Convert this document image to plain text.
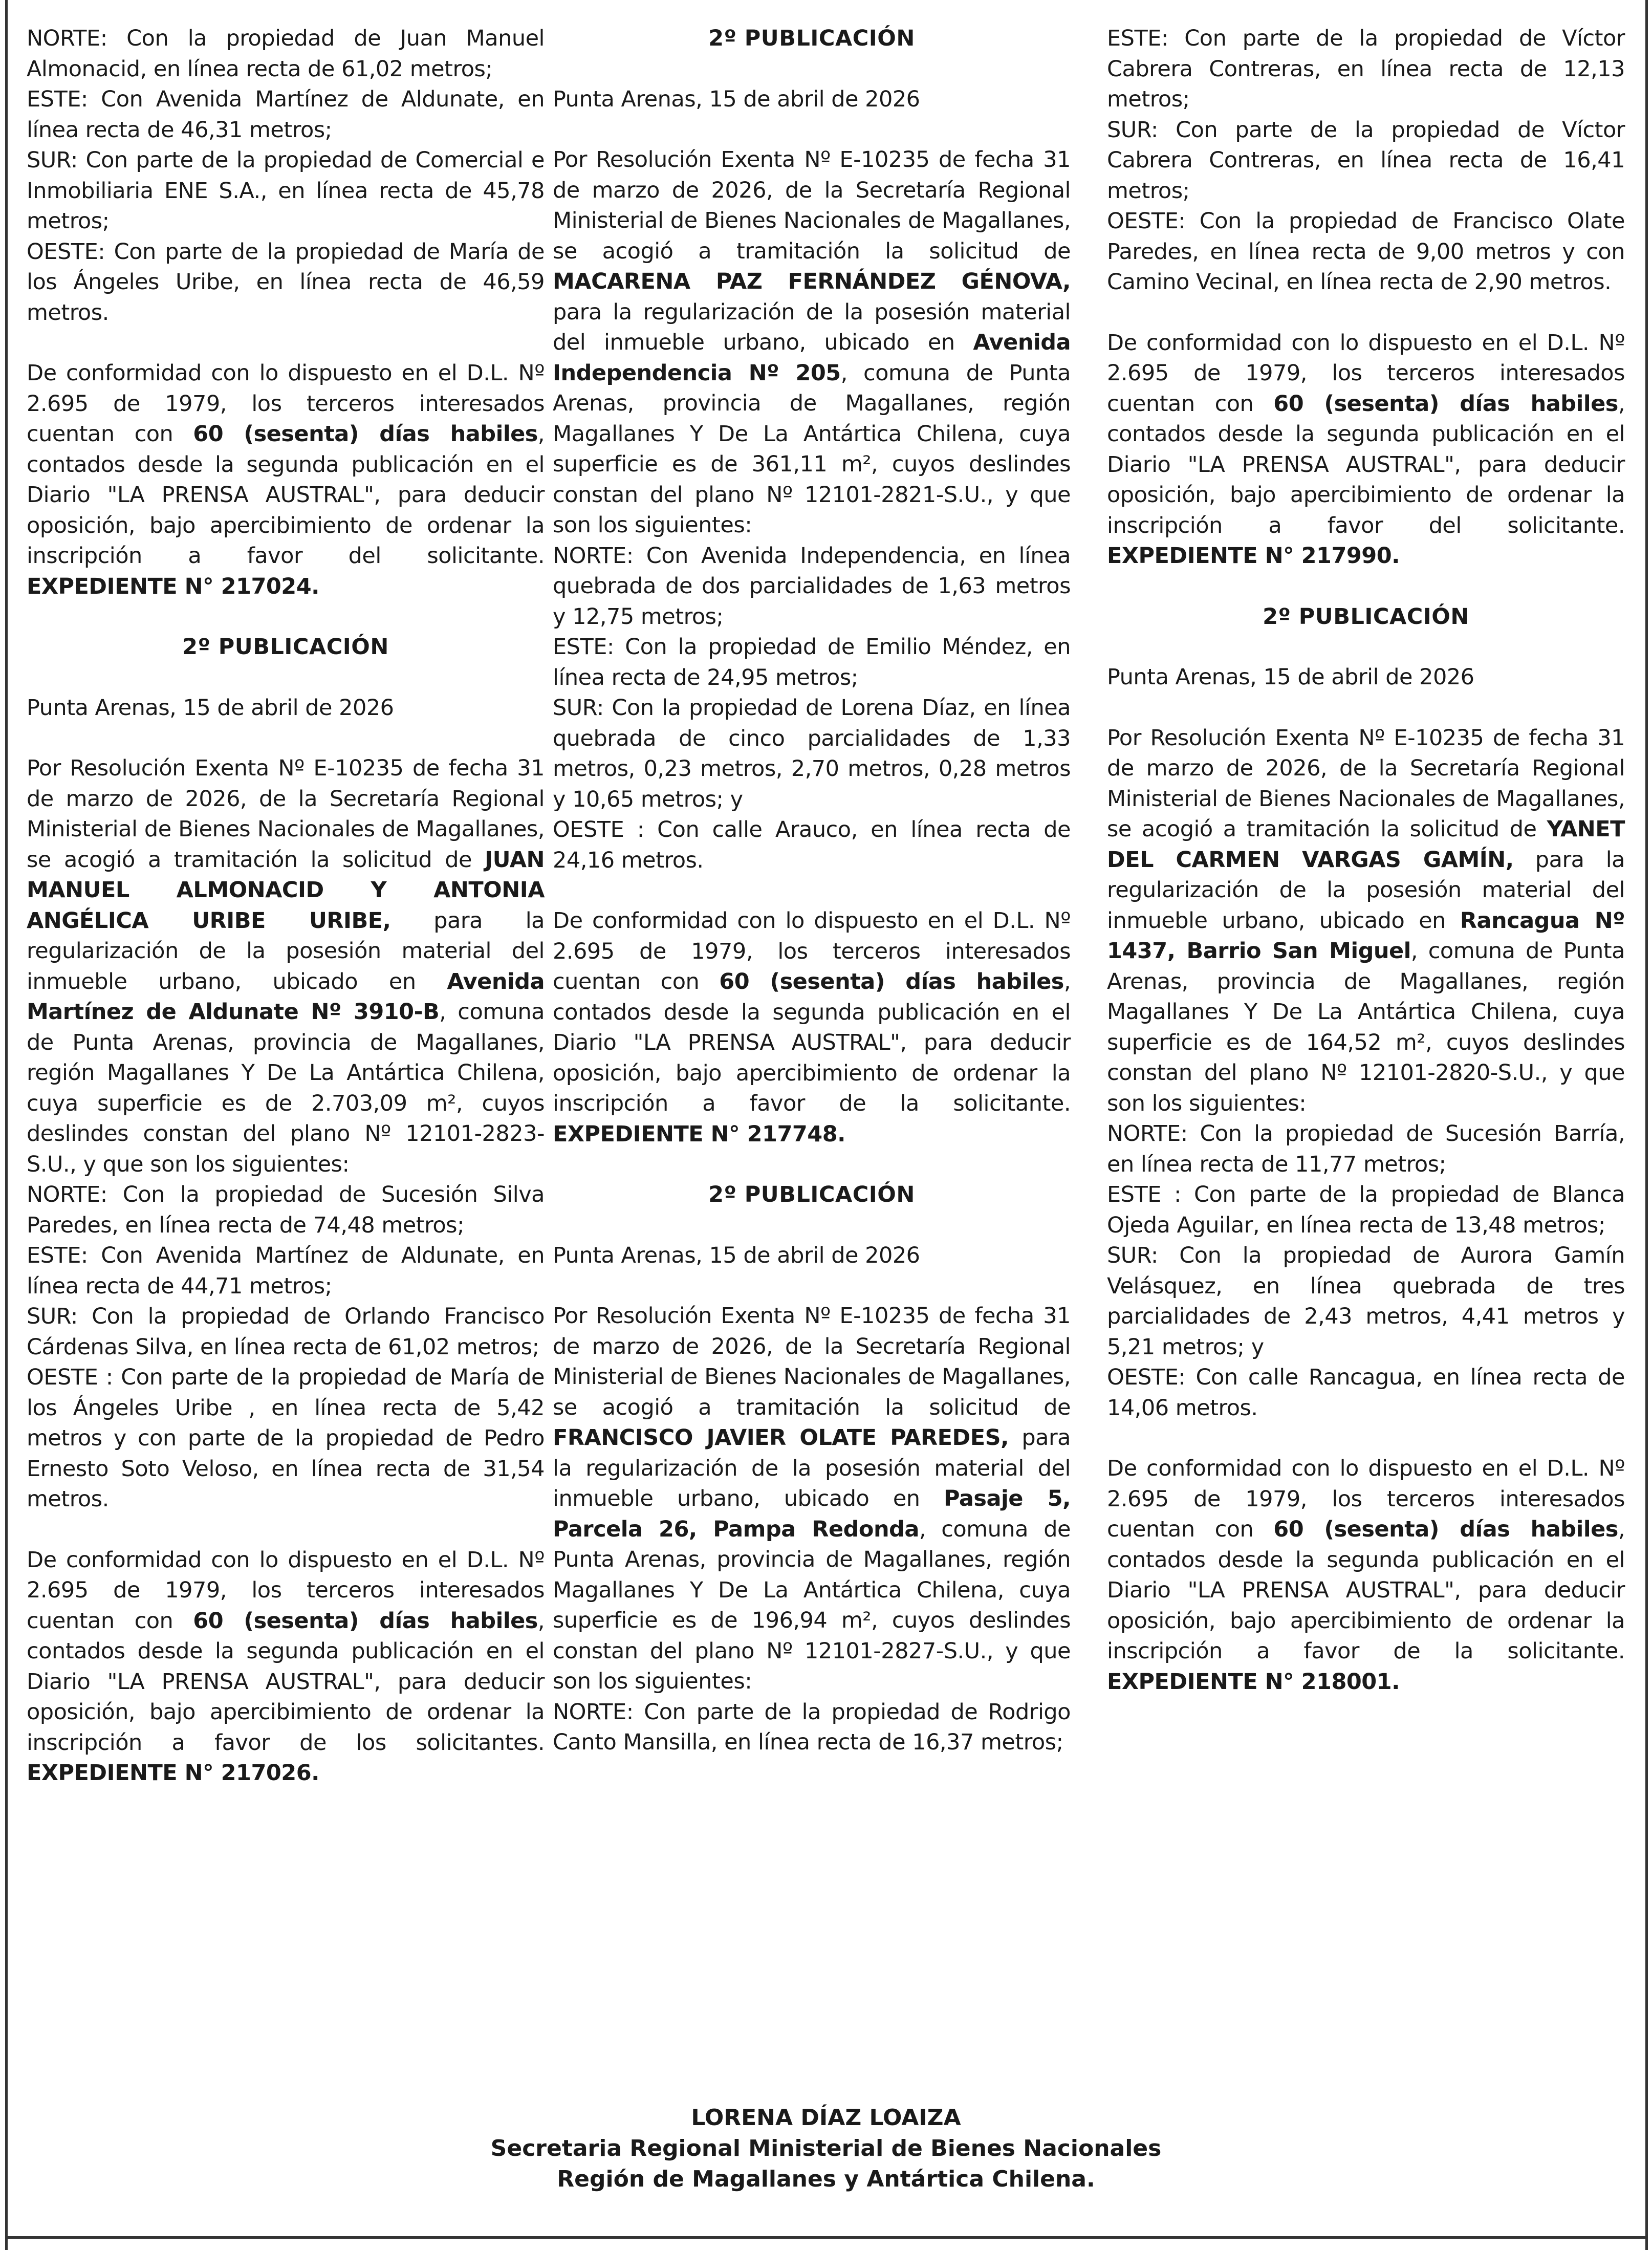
NORTE: Con la propiedad de Juan Manuel Almonacid, en línea recta de 61,02 metros;

ESTE: Con Avenida Martínez de Aldunate, en línea recta de 46,31 metros;

SUR: Con parte de la propiedad de Comercial e Inmobiliaria ENE S.A., en línea recta de 45,78 metros;

OESTE: Con parte de la propiedad de María de los Ángeles Uribe, en línea recta de 46,59 metros.

De conformidad con lo dispuesto en el D.L. Nº 2.695 de 1979, los terceros interesados cuentan con 60 (sesenta) días habiles, contados desde la segunda publicación en el Diario "LA PRENSA AUSTRAL", para deducir oposición, bajo apercibimiento de ordenar la inscripción a favor del solicitante. EXPEDIENTE N° 217024.

2º PUBLICACIÓN

Punta Arenas, 15 de abril de 2026

Por Resolución Exenta Nº E-10235 de fecha 31 de marzo de 2026, de la Secretaría Regional Ministerial de Bienes Nacionales de Magallanes, se acogió a tramitación la solicitud de JUAN MANUEL ALMONACID Y ANTONIA ANGÉLICA URIBE URIBE, para la regularización de la posesión material del inmueble urbano, ubicado en Avenida Martínez de Aldunate Nº 3910-B, comuna de Punta Arenas, provincia de Magallanes, región Magallanes Y De La Antártica Chilena, cuya superficie es de 2.703,09 m², cuyos deslindes constan del plano Nº 12101-2823-S.U., y que son los siguientes:

NORTE: Con la propiedad de Sucesión Silva Paredes, en línea recta de 74,48 metros;

ESTE: Con Avenida Martínez de Aldunate, en línea recta de 44,71 metros;

SUR: Con la propiedad de Orlando Francisco Cárdenas Silva, en línea recta de 61,02 metros;

OESTE : Con parte de la propiedad de María de los Ángeles Uribe , en línea recta de 5,42 metros y con parte de la propiedad de Pedro Ernesto Soto Veloso, en línea recta de 31,54 metros.

De conformidad con lo dispuesto en el D.L. Nº 2.695 de 1979, los terceros interesados cuentan con 60 (sesenta) días habiles, contados desde la segunda publicación en el Diario "LA PRENSA AUSTRAL", para deducir oposición, bajo apercibimiento de ordenar la inscripción a favor de los solicitantes. EXPEDIENTE N° 217026.

2º PUBLICACIÓN

Punta Arenas, 15 de abril de 2026

Por Resolución Exenta Nº E-10235 de fecha 31 de marzo de 2026, de la Secretaría Regional Ministerial de Bienes Nacionales de Magallanes, se acogió a tramitación la solicitud de MACARENA PAZ FERNÁNDEZ GÉNOVA, para la regularización de la posesión material del inmueble urbano, ubicado en Avenida Independencia Nº 205, comuna de Punta Arenas, provincia de Magallanes, región Magallanes Y De La Antártica Chilena, cuya superficie es de 361,11 m², cuyos deslindes constan del plano Nº 12101-2821-S.U., y que son los siguientes:

NORTE: Con Avenida Independencia, en línea quebrada de dos parcialidades de 1,63 metros y 12,75 metros;

ESTE: Con la propiedad de Emilio Méndez, en línea recta de 24,95 metros;

SUR: Con la propiedad de Lorena Díaz, en línea quebrada de cinco parcialidades de 1,33 metros, 0,23 metros, 2,70 metros, 0,28 metros y 10,65 metros; y

OESTE : Con calle Arauco, en línea recta de 24,16 metros.

De conformidad con lo dispuesto en el D.L. Nº 2.695 de 1979, los terceros interesados cuentan con 60 (sesenta) días habiles, contados desde la segunda publicación en el Diario "LA PRENSA AUSTRAL", para deducir oposición, bajo apercibimiento de ordenar la inscripción a favor de la solicitante. EXPEDIENTE N° 217748.

2º PUBLICACIÓN

Punta Arenas, 15 de abril de 2026

Por Resolución Exenta Nº E-10235 de fecha 31 de marzo de 2026, de la Secretaría Regional Ministerial de Bienes Nacionales de Magallanes, se acogió a tramitación la solicitud de FRANCISCO JAVIER OLATE PAREDES, para la regularización de la posesión material del inmueble urbano, ubicado en Pasaje 5, Parcela 26, Pampa Redonda, comuna de Punta Arenas, provincia de Magallanes, región Magallanes Y De La Antártica Chilena, cuya superficie es de 196,94 m², cuyos deslindes constan del plano Nº 12101-2827-S.U., y que son los siguientes:

NORTE: Con parte de la propiedad de Rodrigo Canto Mansilla, en línea recta de 16,37 metros;

ESTE: Con parte de la propiedad de Víctor Cabrera Contreras, en línea recta de 12,13 metros;

SUR: Con parte de la propiedad de Víctor Cabrera Contreras, en línea recta de 16,41 metros;

OESTE: Con la propiedad de Francisco Olate Paredes, en línea recta de 9,00 metros y con Camino Vecinal, en línea recta de 2,90 metros.

De conformidad con lo dispuesto en el D.L. Nº 2.695 de 1979, los terceros interesados cuentan con 60 (sesenta) días habiles, contados desde la segunda publicación en el Diario "LA PRENSA AUSTRAL", para deducir oposición, bajo apercibimiento de ordenar la inscripción a favor del solicitante. EXPEDIENTE N° 217990.

2º PUBLICACIÓN

Punta Arenas, 15 de abril de 2026

Por Resolución Exenta Nº E-10235 de fecha 31 de marzo de 2026, de la Secretaría Regional Ministerial de Bienes Nacionales de Magallanes, se acogió a tramitación la solicitud de YANET DEL CARMEN VARGAS GAMÍN, para la regularización de la posesión material del inmueble urbano, ubicado en Rancagua Nº 1437, Barrio San Miguel, comuna de Punta Arenas, provincia de Magallanes, región Magallanes Y De La Antártica Chilena, cuya superficie es de 164,52 m², cuyos deslindes constan del plano Nº 12101-2820-S.U., y que son los siguientes:

NORTE: Con la propiedad de Sucesión Barría, en línea recta de 11,77 metros;

ESTE : Con parte de la propiedad de Blanca Ojeda Aguilar, en línea recta de 13,48 metros;

SUR: Con la propiedad de Aurora Gamín Velásquez, en línea quebrada de tres parcialidades de 2,43 metros, 4,41 metros y 5,21 metros; y

OESTE: Con calle Rancagua, en línea recta de 14,06 metros.

De conformidad con lo dispuesto en el D.L. Nº 2.695 de 1979, los terceros interesados cuentan con 60 (sesenta) días habiles, contados desde la segunda publicación en el Diario "LA PRENSA AUSTRAL", para deducir oposición, bajo apercibimiento de ordenar la inscripción a favor de la solicitante. EXPEDIENTE N° 218001.

LORENA DÍAZ LOAIZA
Secretaria Regional Ministerial de Bienes Nacionales
Región de Magallanes y Antártica Chilena.
